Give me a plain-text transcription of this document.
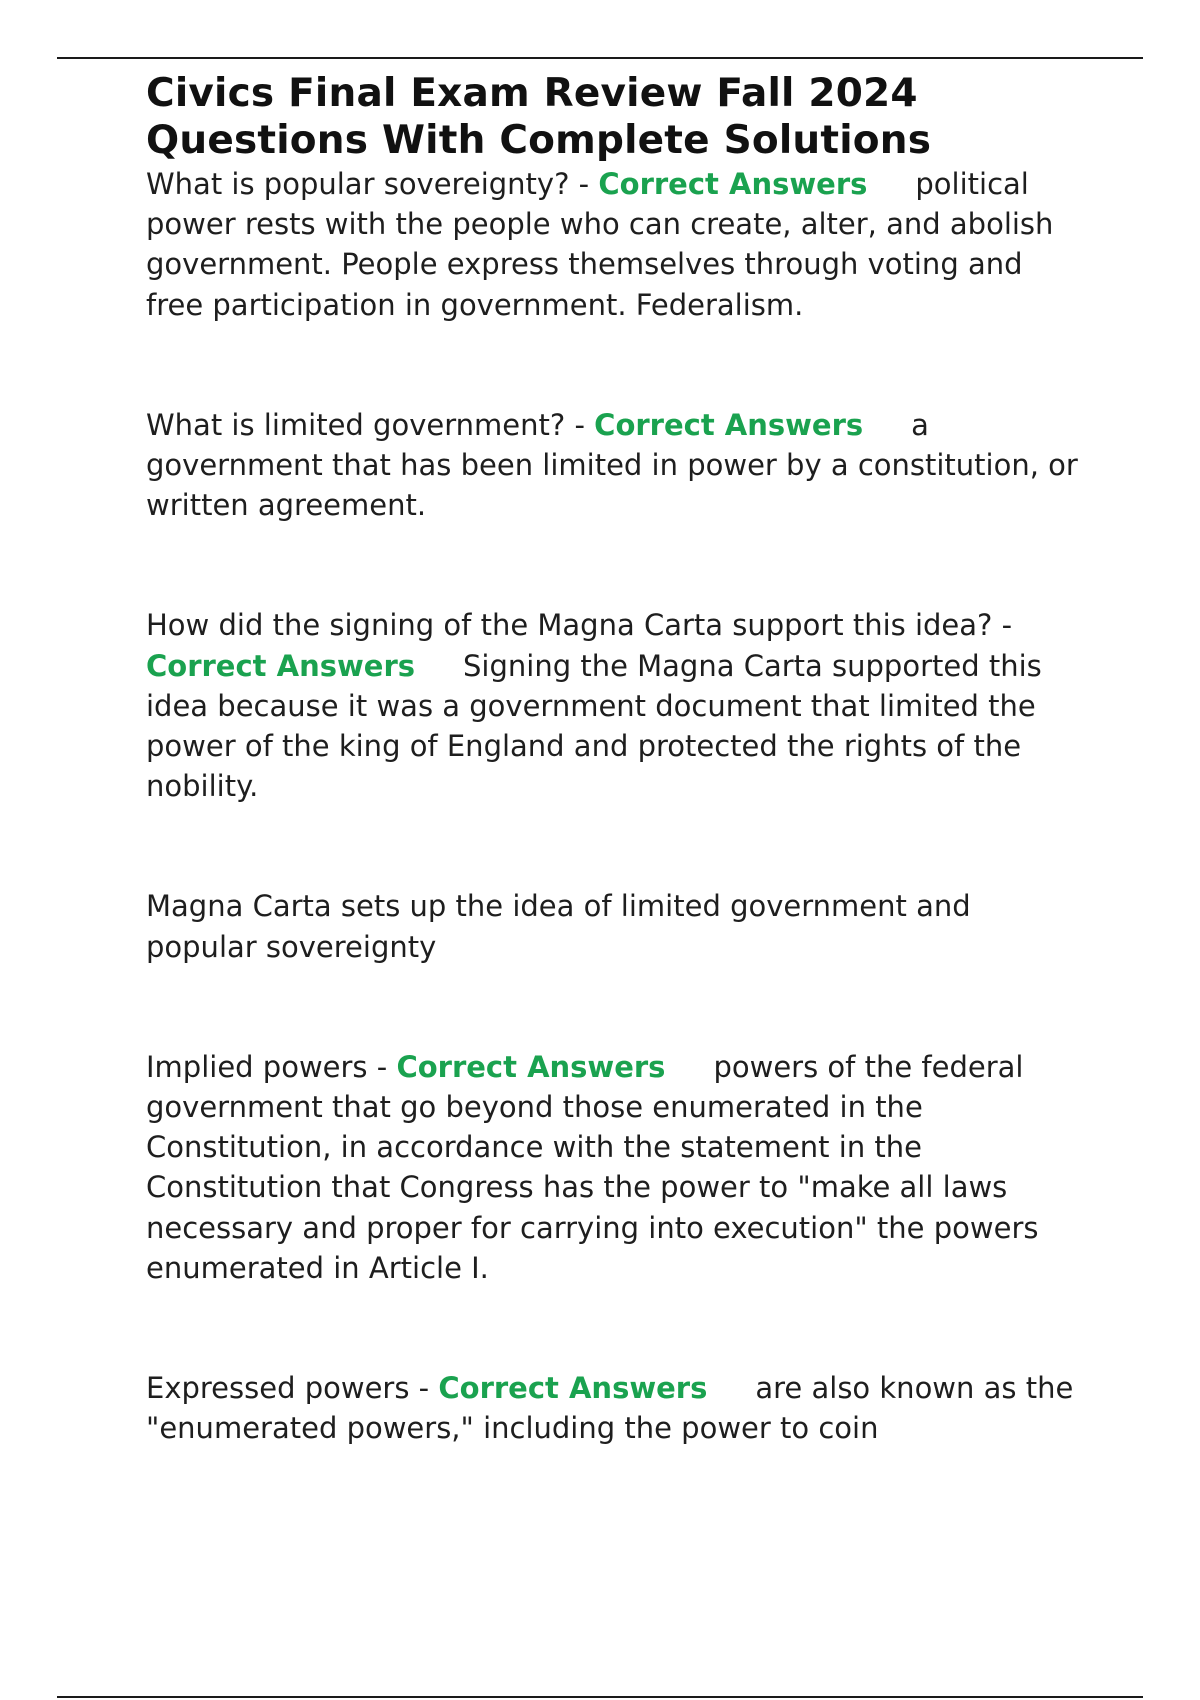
Civics Final Exam Review Fall 2024 Questions With Complete Solutions

What is popular sovereignty? - Correct Answers political power rests with the people who can create, alter, and abolish government. People express themselves through voting and free participation in government. Federalism.

What is limited government? - Correct Answers a government that has been limited in power by a constitution, or written agreement.

How did the signing of the Magna Carta support this idea? - Correct Answers Signing the Magna Carta supported this idea because it was a government document that limited the power of the king of England and protected the rights of the nobility.

Magna Carta sets up the idea of limited government and popular sovereignty

Implied powers - Correct Answers powers of the federal government that go beyond those enumerated in the Constitution, in accordance with the statement in the Constitution that Congress has the power to "make all laws necessary and proper for carrying into execution" the powers enumerated in Article I.

Expressed powers - Correct Answers are also known as the "enumerated powers," including the power to coin
